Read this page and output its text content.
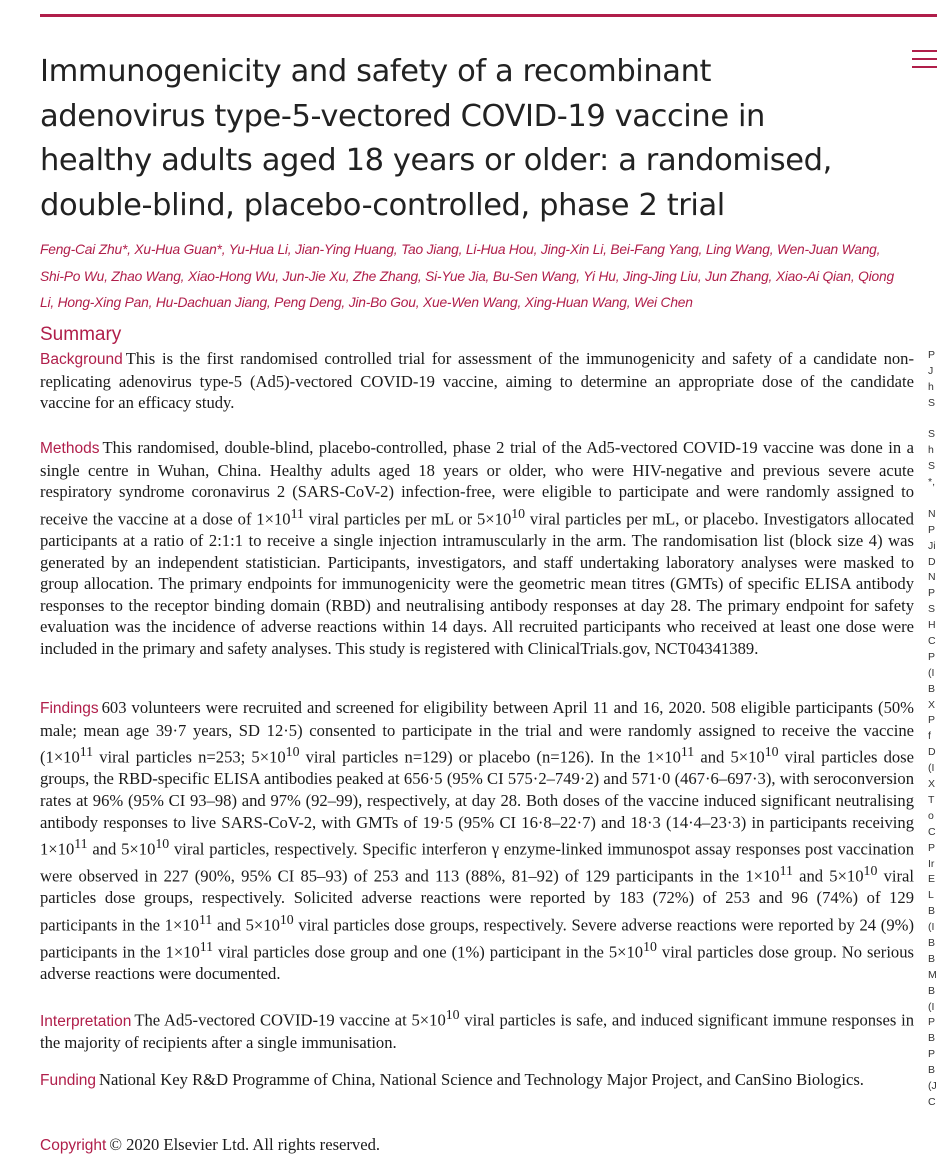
Immunogenicity and safety of a recombinant adenovirus type-5-vectored COVID-19 vaccine in healthy adults aged 18 years or older: a randomised, double-blind, placebo-controlled, phase 2 trial
Feng-Cai Zhu*, Xu-Hua Guan*, Yu-Hua Li, Jian-Ying Huang, Tao Jiang, Li-Hua Hou, Jing-Xin Li, Bei-Fang Yang, Ling Wang, Wen-Juan Wang, Shi-Po Wu, Zhao Wang, Xiao-Hong Wu, Jun-Jie Xu, Zhe Zhang, Si-Yue Jia, Bu-Sen Wang, Yi Hu, Jing-Jing Liu, Jun Zhang, Xiao-Ai Qian, Qiong Li, Hong-Xing Pan, Hu-Dachuan Jiang, Peng Deng, Jin-Bo Gou, Xue-Wen Wang, Xing-Huan Wang, Wei Chen
Summary

Background This is the first randomised controlled trial for assessment of the immunogenicity and safety of a candidate non-replicating adenovirus type-5 (Ad5)-vectored COVID-19 vaccine, aiming to determine an appropriate dose of the candidate vaccine for an efficacy study.

Methods This randomised, double-blind, placebo-controlled, phase 2 trial of the Ad5-vectored COVID-19 vaccine was done in a single centre in Wuhan, China. Healthy adults aged 18 years or older, who were HIV-negative and previous severe acute respiratory syndrome coronavirus 2 (SARS-CoV-2) infection-free, were eligible to participate and were randomly assigned to receive the vaccine at a dose of $1\times 10^{11}$ viral particles per mL or $5\times 10^{10}$ viral particles per mL, or placebo. Investigators allocated participants at a ratio of 2:1:1 to receive a single injection intramuscularly in the arm. The randomisation list (block size 4) was generated by an independent statistician. Participants, investigators, and staff undertaking laboratory analyses were masked to group allocation. The primary endpoints for immunogenicity were the geometric mean titres (GMTs) of specific ELISA antibody responses to the receptor binding domain (RBD) and neutralising antibody responses at day 28. The primary endpoint for safety evaluation was the incidence of adverse reactions within 14 days. All recruited participants who received at least one dose were included in the primary and safety analyses. This study is registered with ClinicalTrials.gov, NCT04341389.

Findings 603 volunteers were recruited and screened for eligibility between April 11 and 16, 2020. 508 eligible participants (50% male; mean age 39·7 years, SD 12·5) consented to participate in the trial and were randomly assigned to receive the vaccine ($1\times 10^{11}$ viral particles n=253; $5\times 10^{10}$ viral particles n=129) or placebo (n=126). In the $1\times 10^{11}$ and $5\times 10^{10}$ viral particles dose groups, the RBD-specific ELISA antibodies peaked at 656·5 (95% CI 575·2–749·2) and 571·0 (467·6–697·3), with seroconversion rates at 96% (95% CI 93–98) and 97% (92–99), respectively, at day 28. Both doses of the vaccine induced significant neutralising antibody responses to live SARS-CoV-2, with GMTs of 19·5 (95% CI 16·8–22·7) and 18·3 (14·4–23·3) in participants receiving $1\times 10^{11}$ and $5\times 10^{10}$ viral particles, respectively. Specific interferon γ enzyme-linked immunospot assay responses post vaccination were observed in 227 (90%, 95% CI 85–93) of 253 and 113 (88%, 81–92) of 129 participants in the $1\times 10^{11}$ and $5\times 10^{10}$ viral particles dose groups, respectively. Solicited adverse reactions were reported by 183 (72%) of 253 and 96 (74%) of 129 participants in the $1\times 10^{11}$ and $5\times 10^{10}$ viral particles dose groups, respectively. Severe adverse reactions were reported by 24 (9%) participants in the $1\times 10^{11}$ viral particles dose group and one (1%) participant in the $5\times 10^{10}$ viral particles dose group. No serious adverse reactions were documented.

Interpretation The Ad5-vectored COVID-19 vaccine at $5\times 10^{10}$ viral particles is safe, and induced significant immune responses in the majority of recipients after a single immunisation.

Funding National Key R&D Programme of China, National Science and Technology Major Project, and CanSino Biologics.

Copyright © 2020 Elsevier Ltd. All rights reserved.

P
J
h
S
S
h
S
*,
N
P
Ji
D
N
P
S
H
C
P
(I
B
X
P
f
D
(I
X
T
o
C
P
Ir
E
L
B
(I
B
B
M
B
(I
P
B
P
B
(J
C
